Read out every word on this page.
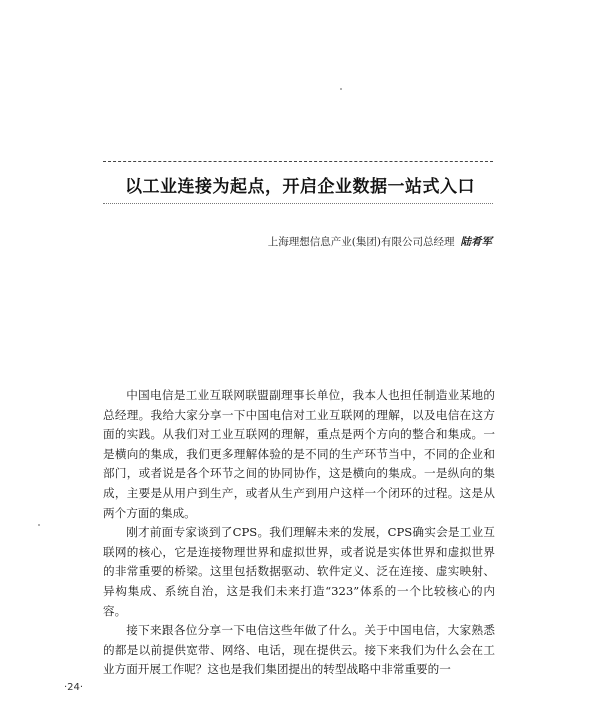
以工业连接为起点，开启企业数据一站式入口
上海理想信息产业(集团)有限公司总经理 陆肴军

中国电信是工业互联网联盟副理事长单位，我本人也担任制造业某地的总经理。我给大家分享一下中国电信对工业互联网的理解，以及电信在这方面的实践。从我们对工业互联网的理解，重点是两个方向的整合和集成。一是横向的集成，我们更多理解体验的是不同的生产环节当中，不同的企业和部门，或者说是各个环节之间的协同协作，这是横向的集成。一是纵向的集成，主要是从用户到生产，或者从生产到用户这样一个闭环的过程。这是从两个方面的集成。

刚才前面专家谈到了CPS。我们理解未来的发展，CPS确实会是工业互联网的核心，它是连接物理世界和虚拟世界，或者说是实体世界和虚拟世界的非常重要的桥梁。这里包括数据驱动、软件定义、泛在连接、虚实映射、异构集成、系统自治，这是我们未来打造“323”体系的一个比较核心的内容。

接下来跟各位分享一下电信这些年做了什么。关于中国电信，大家熟悉的都是以前提供宽带、网络、电话，现在提供云。接下来我们为什么会在工业方面开展工作呢？这也是我们集团提出的转型战略中非常重要的一

·24·
